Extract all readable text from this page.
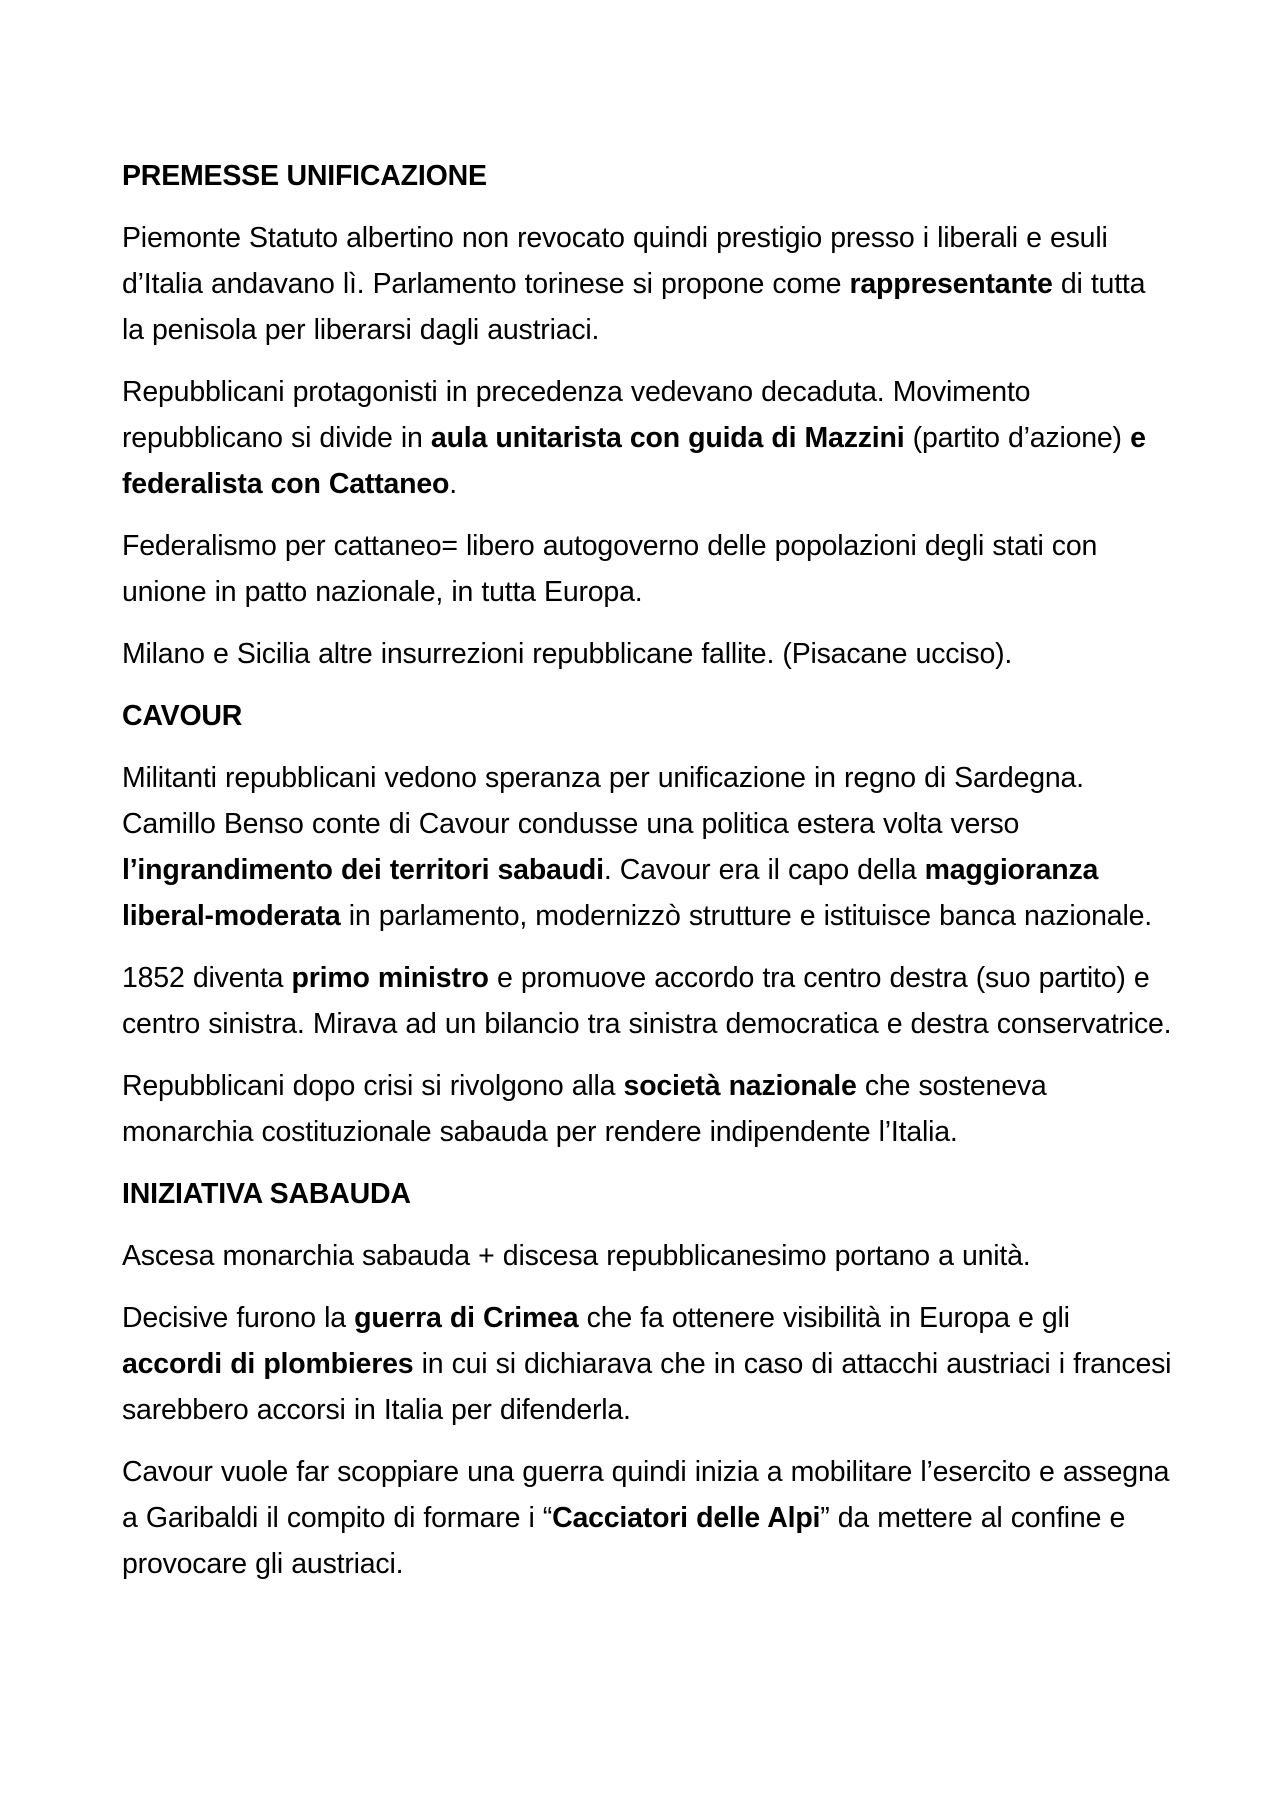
PREMESSE UNIFICAZIONE

Piemonte Statuto albertino non revocato quindi prestigio presso i liberali e esuli d’Italia andavano lì. Parlamento torinese si propone come rappresentante di tutta la penisola per liberarsi dagli austriaci.

Repubblicani protagonisti in precedenza vedevano decaduta. Movimento repubblicano si divide in aula unitarista con guida di Mazzini (partito d’azione) e federalista con Cattaneo.

Federalismo per cattaneo= libero autogoverno delle popolazioni degli stati con unione in patto nazionale, in tutta Europa.

Milano e Sicilia altre insurrezioni repubblicane fallite. (Pisacane ucciso).

CAVOUR

Militanti repubblicani vedono speranza per unificazione in regno di Sardegna. Camillo Benso conte di Cavour condusse una politica estera volta verso l’ingrandimento dei territori sabaudi. Cavour era il capo della maggioranza liberal-moderata in parlamento, modernizzò strutture e istituisce banca nazionale.

1852 diventa primo ministro e promuove accordo tra centro destra (suo partito) e centro sinistra. Mirava ad un bilancio tra sinistra democratica e destra conservatrice.

Repubblicani dopo crisi si rivolgono alla società nazionale che sosteneva monarchia costituzionale sabauda per rendere indipendente l’Italia.

INIZIATIVA SABAUDA

Ascesa monarchia sabauda + discesa repubblicanesimo portano a unità.

Decisive furono la guerra di Crimea che fa ottenere visibilità in Europa e gli accordi di plombieres in cui si dichiarava che in caso di attacchi austriaci i francesi sarebbero accorsi in Italia per difenderla.

Cavour vuole far scoppiare una guerra quindi inizia a mobilitare l’esercito e assegna a Garibaldi il compito di formare i “Cacciatori delle Alpi” da mettere al confine e provocare gli austriaci.
